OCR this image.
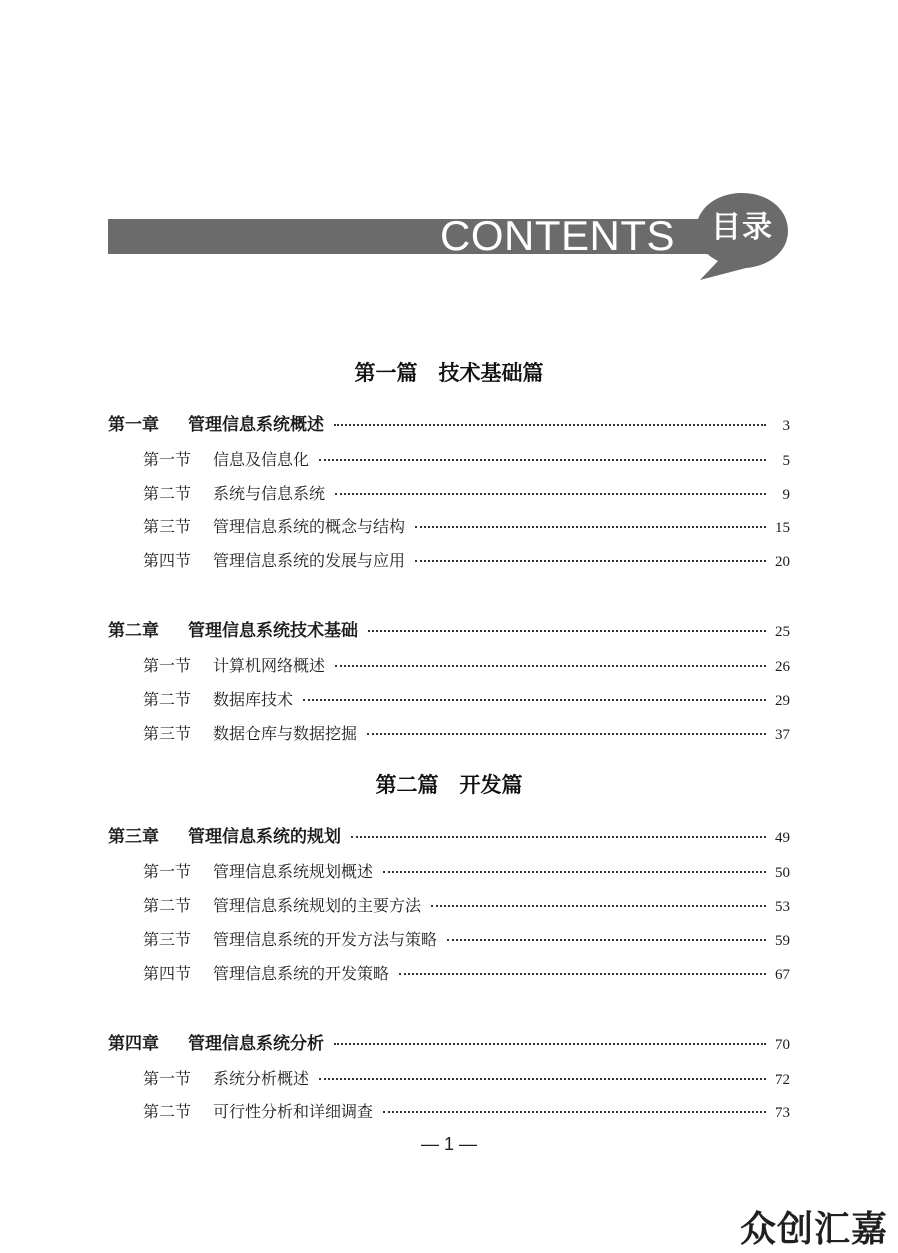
CONTENTS	目录
第一篇　技术基础篇
第一章	管理信息系统概述	3
第一节	信息及信息化	5
第二节	系统与信息系统	9
第三节	管理信息系统的概念与结构	15
第四节	管理信息系统的发展与应用	20
第二章	管理信息系统技术基础	25
第一节	计算机网络概述	26
第二节	数据库技术	29
第三节	数据仓库与数据挖掘	37
第二篇　开发篇
第三章	管理信息系统的规划	49
第一节	管理信息系统规划概述	50
第二节	管理信息系统规划的主要方法	53
第三节	管理信息系统的开发方法与策略	59
第四节	管理信息系统的开发策略	67
第四章	管理信息系统分析	70
第一节	系统分析概述	72
第二节	可行性分析和详细调查	73
— 1 —
众创汇嘉
